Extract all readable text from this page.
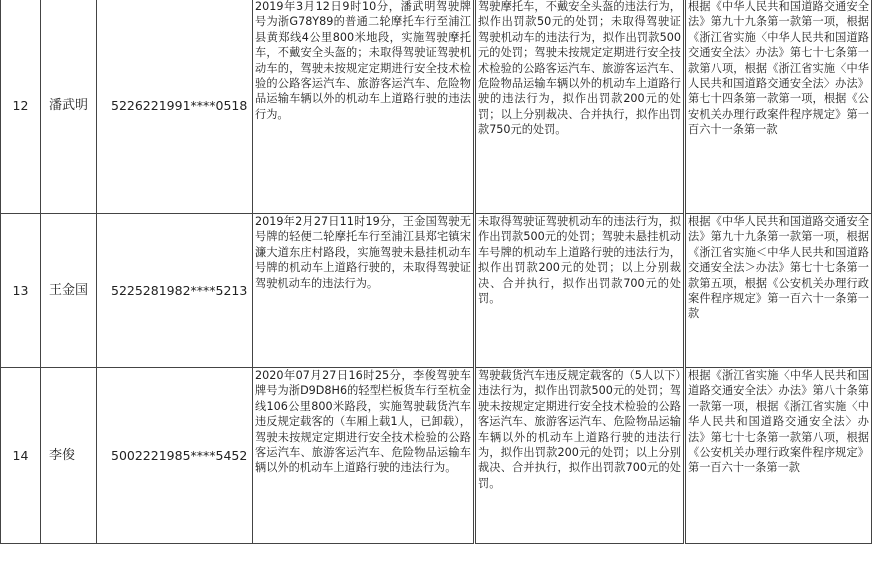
12	潘武明	5226221991****0518	2019年3月12日9时10分，潘武明驾驶牌号为浙G78Y89的普通二轮摩托车行至浦江县黄郑线4公里800米地段，实施驾驶摩托车，不戴安全头盔的；未取得驾驶证驾驶机动车的，驾驶未按规定定期进行安全技术检验的公路客运汽车、旅游客运汽车、危险物品运输车辆以外的机动车上道路行驶的违法行为。	驾驶摩托车，不戴安全头盔的违法行为，拟作出罚款50元的处罚；未取得驾驶证驾驶机动车的违法行为，拟作出罚款500元的处罚；驾驶未按规定定期进行安全技术检验的公路客运汽车、旅游客运汽车、危险物品运输车辆以外的机动车上道路行驶的违法行为，拟作出罚款200元的处罚；以上分别裁决、合并执行，拟作出罚款750元的处罚。	根据《中华人民共和国道路交通安全法》第九十九条第一款第一项，根据《浙江省实施〈中华人民共和国道路交通安全法〉办法》第七十七条第一款第八项，根据《浙江省实施〈中华人民共和国道路交通安全法〉办法》第七十四条第一款第一项，根据《公安机关办理行政案件程序规定》第一百六十一条第一款
13	王金国	5225281982****5213	2019年2月27日11时19分，王金国驾驶无号牌的轻便二轮摩托车行至浦江县郑宅镇宋濂大道东庄村路段，实施驾驶未悬挂机动车号牌的机动车上道路行驶的，未取得驾驶证驾驶机动车的违法行为。	未取得驾驶证驾驶机动车的违法行为，拟作出罚款500元的处罚；驾驶未悬挂机动车号牌的机动车上道路行驶的违法行为，拟作出罚款200元的处罚；以上分别裁决、合并执行，拟作出罚款700元的处罚。	根据《中华人民共和国道路交通安全法》第九十九条第一款第一项，根据《浙江省实施＜中华人民共和国道路交通安全法＞办法》第七十七条第一款第五项，根据《公安机关办理行政案件程序规定》第一百六十一条第一款
14	李俊	5002221985****5452	2020年07月27日16时25分，李俊驾驶车牌号为浙D9D8H6的轻型栏板货车行至杭金线106公里800米路段，实施驾驶载货汽车违反规定载客的（车厢上载1人，已卸载），驾驶未按规定定期进行安全技术检验的公路客运汽车、旅游客运汽车、危险物品运输车辆以外的机动车上道路行驶的违法行为。	驾驶载货汽车违反规定载客的（5人以下）违法行为，拟作出罚款500元的处罚；驾驶未按规定定期进行安全技术检验的公路客运汽车、旅游客运汽车、危险物品运输车辆以外的机动车上道路行驶的违法行为，拟作出罚款200元的处罚；以上分别裁决、合并执行，拟作出罚款700元的处罚。	根据《浙江省实施〈中华人民共和国道路交通安全法〉办法》第八十条第一款第一项，根据《浙江省实施〈中华人民共和国道路交通安全法〉办法》第七十七条第一款第八项，根据《公安机关办理行政案件程序规定》第一百六十一条第一款
